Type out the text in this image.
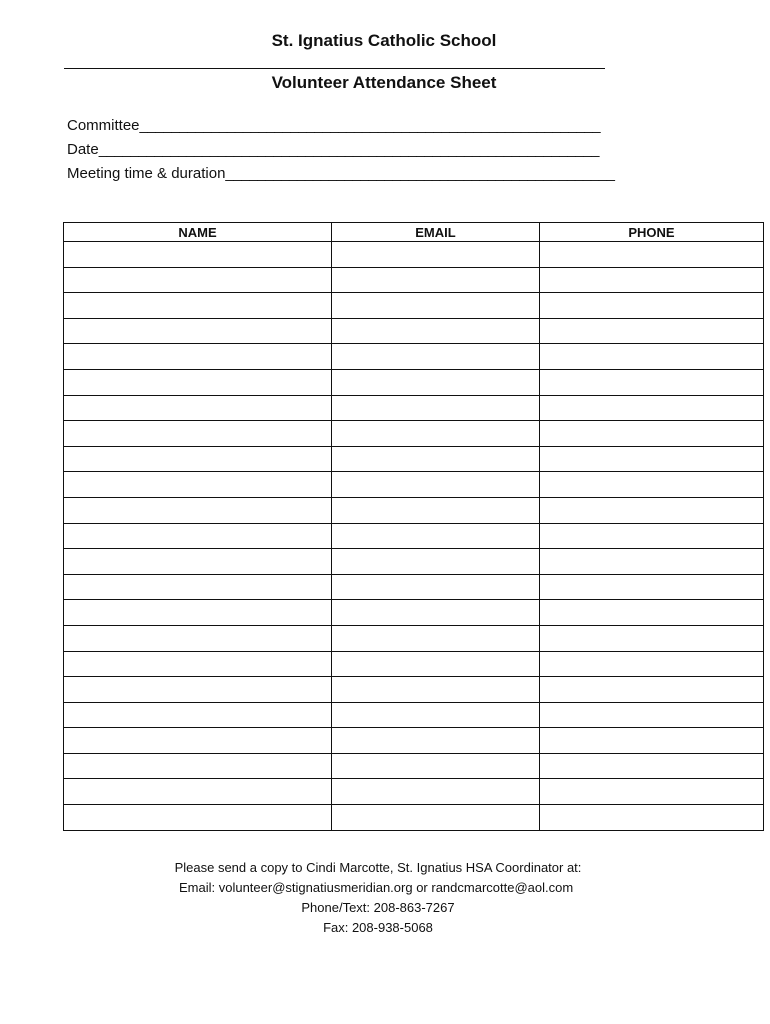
St. Ignatius Catholic School
Volunteer Attendance Sheet
Committee__________________________________________________________
Date_______________________________________________________________
Meeting time & duration_________________________________________________
NAME	EMAIL	PHONE

Please send a copy to Cindi Marcotte, St. Ignatius HSA Coordinator at:
Email: volunteer@stignatiusmeridian.org or randcmarcotte@aol.com
Phone/Text: 208-863-7267
Fax: 208-938-5068
